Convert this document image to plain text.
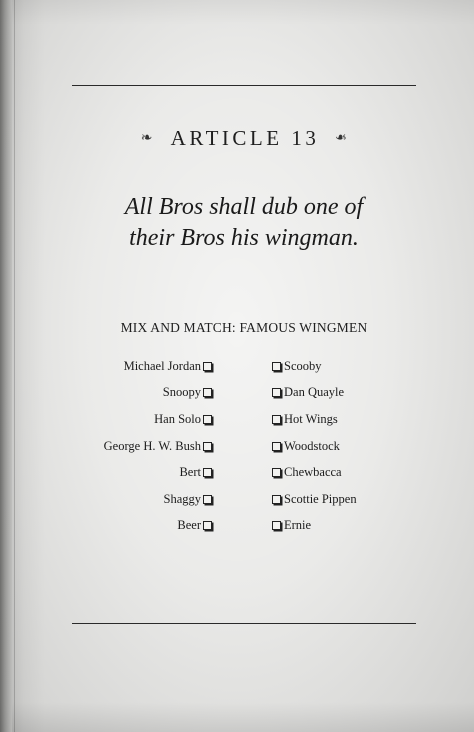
❧ ARTICLE 13 ❧
All Bros shall dub one of
their Bros his wingman.
MIX AND MATCH: FAMOUS WINGMEN
Michael Jordan
Snoopy
Han Solo
George H. W. Bush
Bert
Shaggy
Beer
Scooby
Dan Quayle
Hot Wings
Woodstock
Chewbacca
Scottie Pippen
Ernie
